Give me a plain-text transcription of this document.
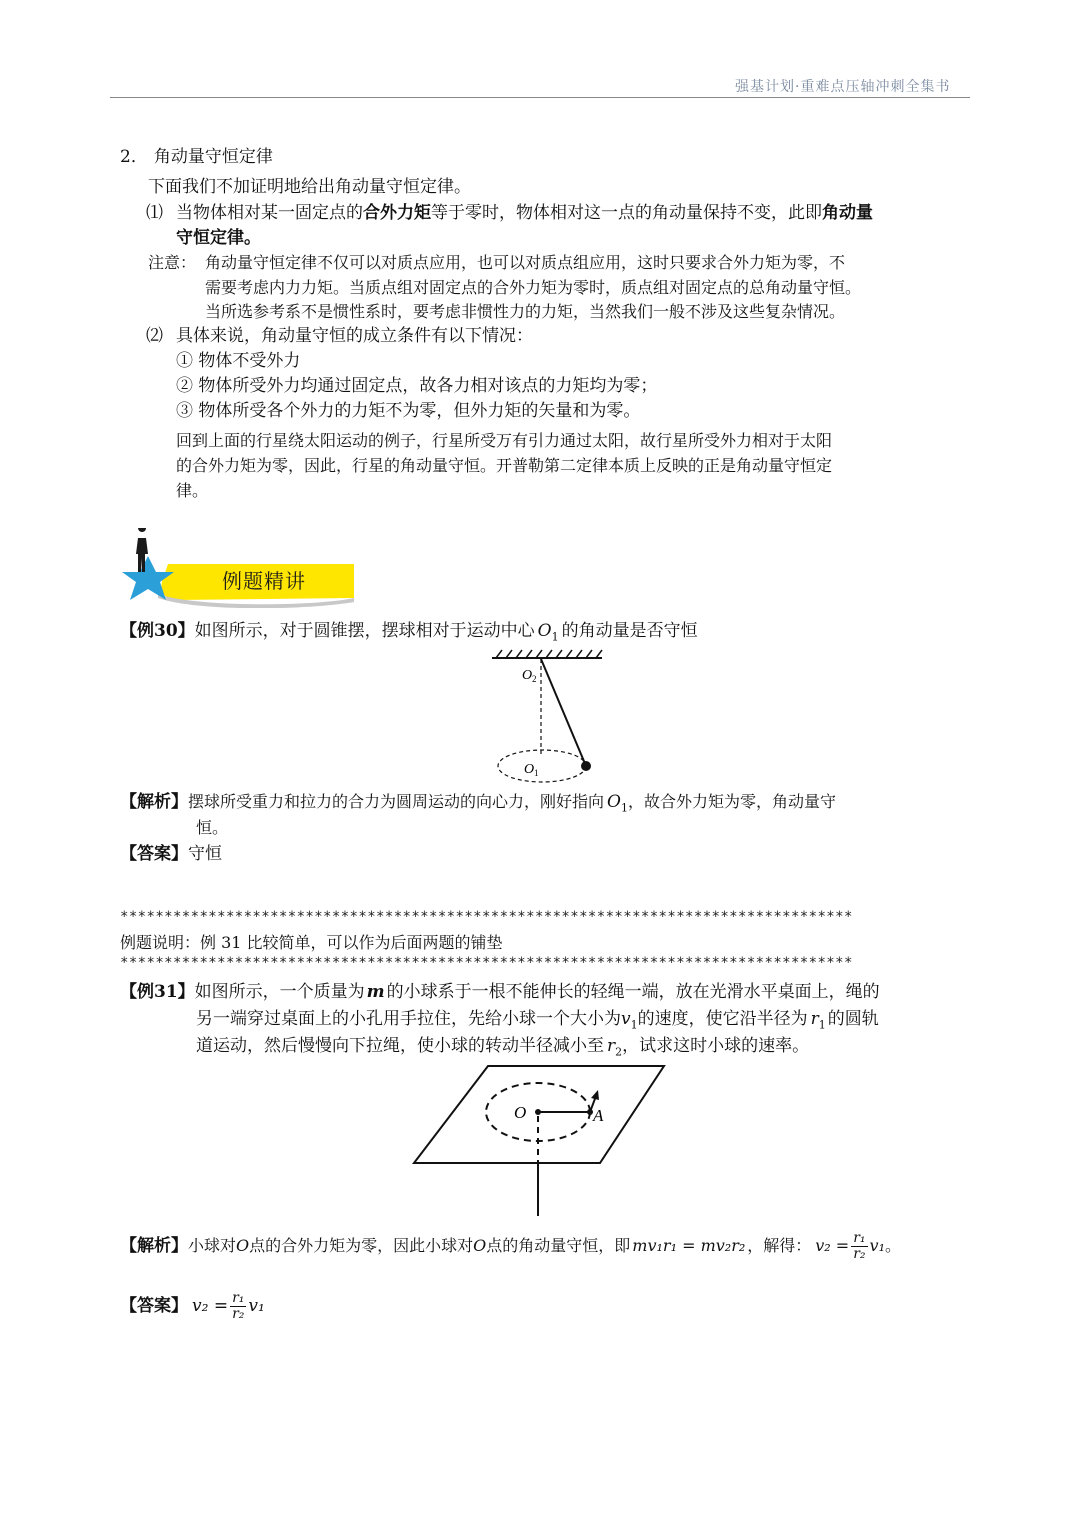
强基计划·重难点压轴冲刺全集书
2． 角动量守恒定律
下面我们不加证明地给出角动量守恒定律。
⑴ 当物体相对某一固定点的合外力矩等于零时，物体相对这一点的角动量保持不变，此即角动量
守恒定律。
注意： 角动量守恒定律不仅可以对质点应用，也可以对质点组应用，这时只要求合外力矩为零，不
需要考虑内力力矩。当质点组对固定点的合外力矩为零时，质点组对固定点的总角动量守恒。
当所选参考系不是惯性系时，要考虑非惯性力的力矩，当然我们一般不涉及这些复杂情况。
⑵ 具体来说，角动量守恒的成立条件有以下情况：
① 物体不受外力
② 物体所受外力均通过固定点，故各力相对该点的力矩均为零；
③ 物体所受各个外力的力矩不为零，但外力矩的矢量和为零。
回到上面的行星绕太阳运动的例子，行星所受万有引力通过太阳，故行星所受外力相对于太阳
的合外力矩为零，因此，行星的角动量守恒。开普勒第二定律本质上反映的正是角动量守恒定
律。
例题精讲
【例30】如图所示，对于圆锥摆，摆球相对于运动中心 $O_1$ 的角动量是否守恒
O 2
O 1
【解析】摆球所受重力和拉力的合力为圆周运动的向心力，刚好指向 $O_1$，故合外力矩为零，角动量守
恒。
【答案】守恒
***********************************************************************************
例题说明：例 31 比较简单，可以作为后面两题的铺垫
***********************************************************************************
【例31】如图所示，一个质量为 m 的小球系于一根不能伸长的轻绳一端，放在光滑水平桌面上，绳的
另一端穿过桌面上的小孔用手拉住，先给小球一个大小为$v_1$的速度，使它沿半径为 $r_1$ 的圆轨
道运动，然后慢慢向下拉绳，使小球的转动半径减小至 $r_2$，试求这时小球的速率。
O	A
【解析】小球对O点的合外力矩为零，因此小球对O点的角动量守恒，即 mv₁r₁ = mv₂r₂ ，解得： $v_2 = \frac{\text{r₁}}{\text{r₂}} v_1$。
【答案】 $v_2 = \frac{\text{r₁}}{\text{r₂}} v_1$
